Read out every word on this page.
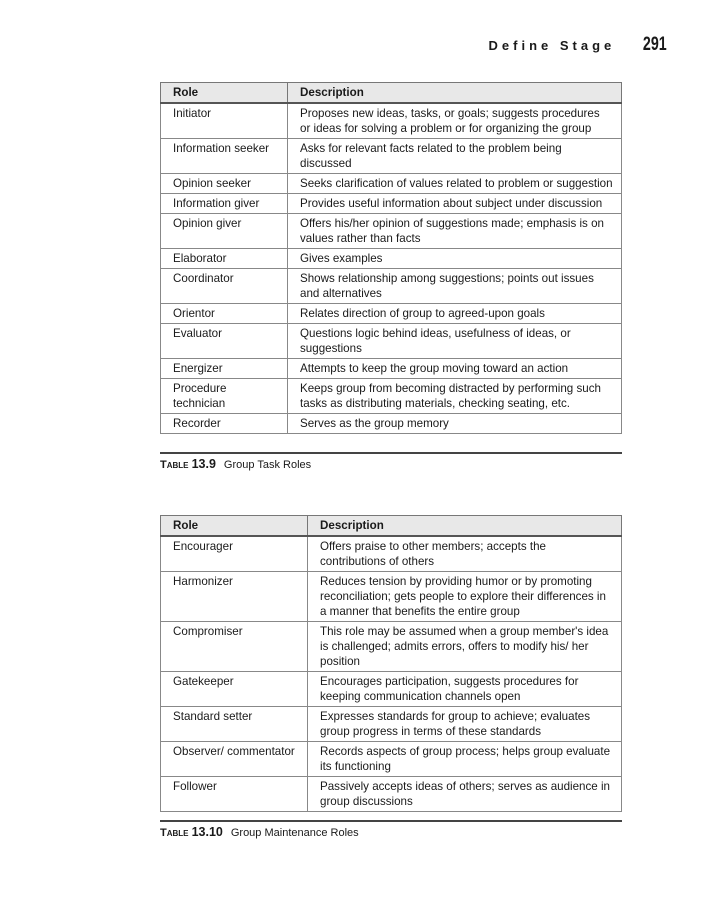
Define Stage 291
Role	Description
Initiator	Proposes new ideas, tasks, or goals; suggests procedures or ideas for solving a problem or for organizing the group
Information seeker	Asks for relevant facts related to the problem being discussed
Opinion seeker	Seeks clarification of values related to problem or suggestion
Information giver	Provides useful information about subject under discussion
Opinion giver	Offers his/her opinion of suggestions made; emphasis is on values rather than facts
Elaborator	Gives examples
Coordinator	Shows relationship among suggestions; points out issues and alternatives
Orientor	Relates direction of group to agreed-upon goals
Evaluator	Questions logic behind ideas, usefulness of ideas, or suggestions
Energizer	Attempts to keep the group moving toward an action
Procedure technician	Keeps group from becoming distracted by performing such tasks as distributing materials, checking seating, etc.
Recorder	Serves as the group memory
Table 13.9 Group Task Roles
Role	Description
Encourager	Offers praise to other members; accepts the contributions of others
Harmonizer	Reduces tension by providing humor or by promoting reconciliation; gets people to explore their differences in a manner that benefits the entire group
Compromiser	This role may be assumed when a group member's idea is challenged; admits errors, offers to modify his/ her position
Gatekeeper	Encourages participation, suggests procedures for keeping communication channels open
Standard setter	Expresses standards for group to achieve; evaluates group progress in terms of these standards
Observer/ commentator	Records aspects of group process; helps group evaluate its functioning
Follower	Passively accepts ideas of others; serves as audience in group discussions
Table 13.10 Group Maintenance Roles
